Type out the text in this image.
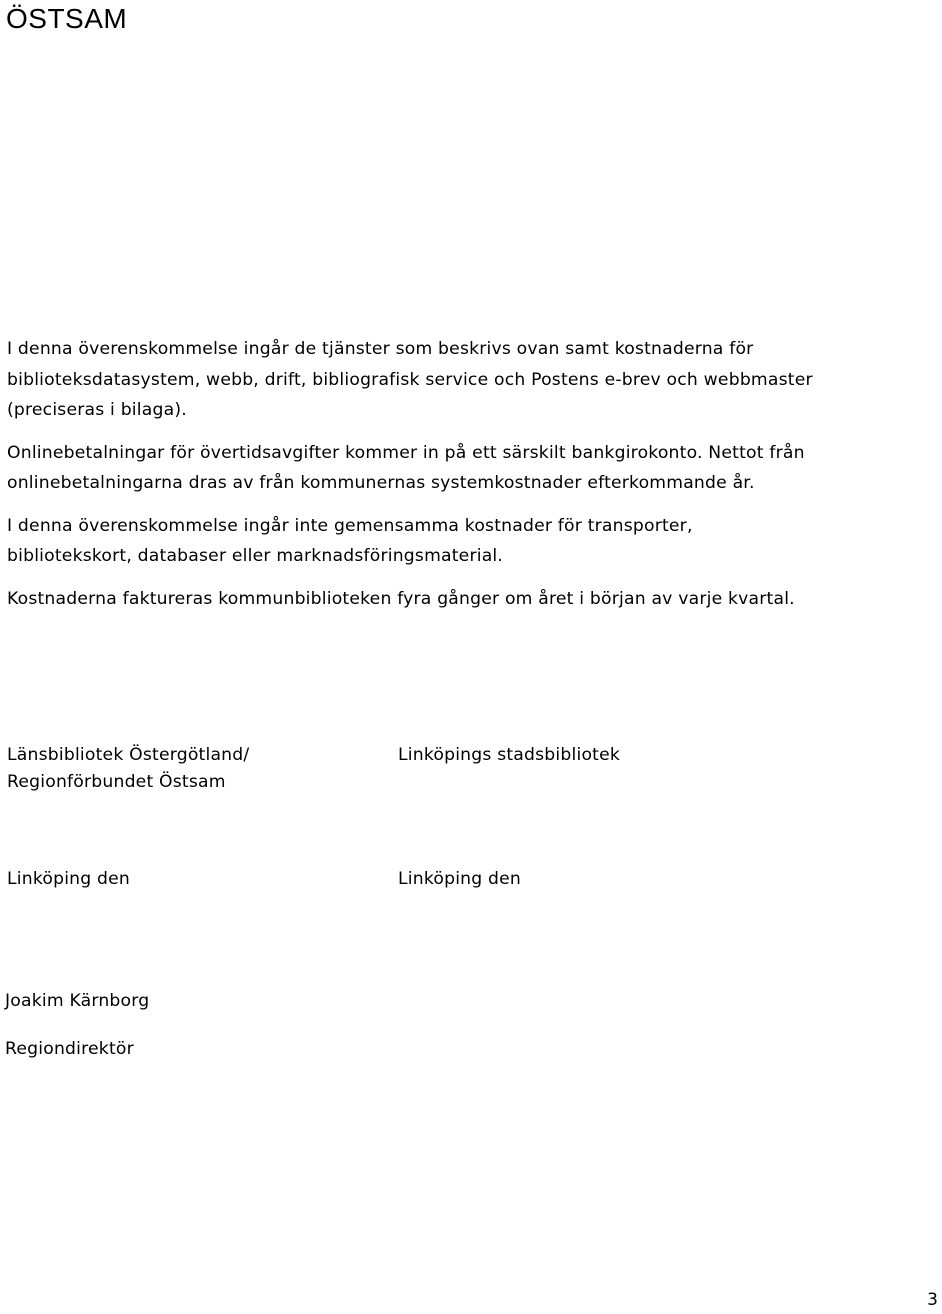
ÖSTSAM

I denna överenskommelse ingår de tjänster som beskrivs ovan samt kostnaderna för biblioteksdatasystem, webb, drift, bibliografisk service och Postens e-brev och webbmaster (preciseras i bilaga).

Onlinebetalningar för övertidsavgifter kommer in på ett särskilt bankgirokonto. Nettot från onlinebetalningarna dras av från kommunernas systemkostnader efterkommande år.

I denna överenskommelse ingår inte gemensamma kostnader för transporter, bibliotekskort, databaser eller marknadsföringsmaterial.

Kostnaderna faktureras kommunbiblioteken fyra gånger om året i början av varje kvartal.

Länsbibliotek Östergötland/
Regionförbundet Östsam
Linköpings stadsbibliotek
Linköping den	Linköping den
Joakim Kärnborg
Regiondirektör
3
